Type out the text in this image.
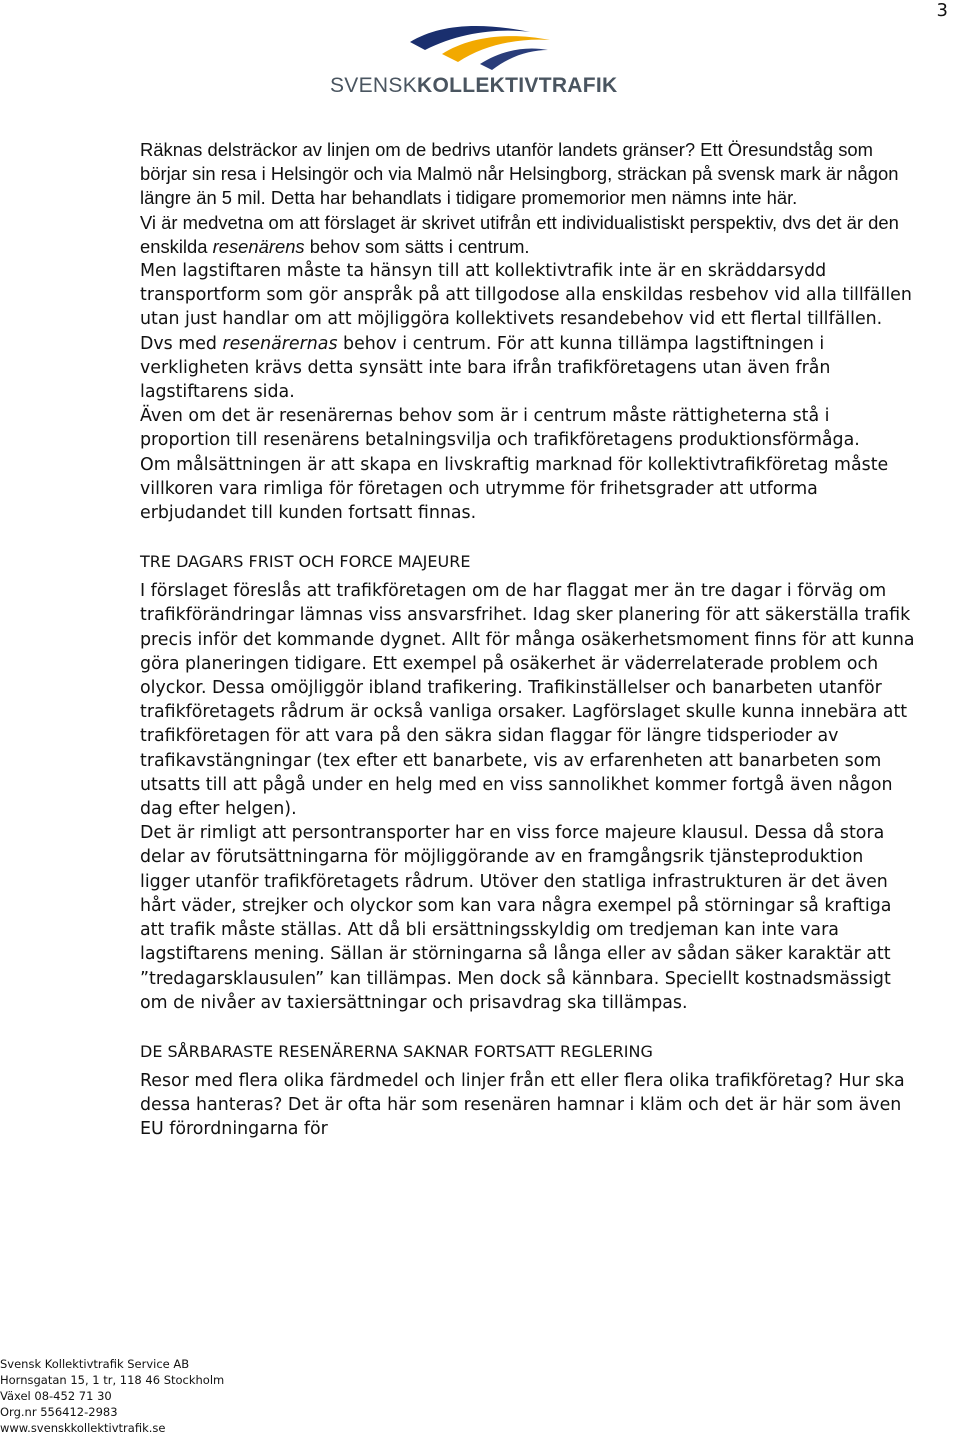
3
SVENSKKOLLEKTIVTRAFIK

Räknas delsträckor av linjen om de bedrivs utanför landets gränser? Ett Öresundståg som börjar sin resa i Helsingör och via Malmö når Helsingborg, sträckan på svensk mark är någon längre än 5 mil. Detta har behandlats i tidigare promemorior men nämns inte här.

Vi är medvetna om att förslaget är skrivet utifrån ett individualistiskt perspektiv, dvs det är den enskilda resenärens behov som sätts i centrum.

Men lagstiftaren måste ta hänsyn till att kollektivtrafik inte är en skräddarsydd transportform som gör anspråk på att tillgodose alla enskildas resbehov vid alla tillfällen utan just handlar om att möjliggöra kollektivets resandebehov vid ett flertal tillfällen. Dvs med resenärernas behov i centrum. För att kunna tillämpa lagstiftningen i verkligheten krävs detta synsätt inte bara ifrån trafikföretagens utan även från lagstiftarens sida.

Även om det är resenärernas behov som är i centrum måste rättigheterna stå i proportion till resenärens betalningsvilja och trafikföretagens produktionsförmåga.

Om målsättningen är att skapa en livskraftig marknad för kollektivtrafikföretag måste villkoren vara rimliga för företagen och utrymme för frihetsgrader att utforma erbjudandet till kunden fortsatt finnas.

TRE DAGARS FRIST OCH FORCE MAJEURE

I förslaget föreslås att trafikföretagen om de har flaggat mer än tre dagar i förväg om trafikförändringar lämnas viss ansvarsfrihet. Idag sker planering för att säkerställa trafik precis inför det kommande dygnet. Allt för många osäkerhetsmoment finns för att kunna göra planeringen tidigare. Ett exempel på osäkerhet är väderrelaterade problem och olyckor. Dessa omöjliggör ibland trafikering. Trafikinställelser och banarbeten utanför trafikföretagets rådrum är också vanliga orsaker. Lagförslaget skulle kunna innebära att trafikföretagen för att vara på den säkra sidan flaggar för längre tidsperioder av trafikavstängningar (tex efter ett banarbete, vis av erfarenheten att banarbeten som utsatts till att pågå under en helg med en viss sannolikhet kommer fortgå även någon dag efter helgen).

Det är rimligt att persontransporter har en viss force majeure klausul. Dessa då stora delar av förutsättningarna för möjliggörande av en framgångsrik tjänsteproduktion ligger utanför trafikföretagets rådrum. Utöver den statliga infrastrukturen är det även hårt väder, strejker och olyckor som kan vara några exempel på störningar så kraftiga att trafik måste ställas. Att då bli ersättningsskyldig om tredjeman kan inte vara lagstiftarens mening. Sällan är störningarna så långa eller av sådan säker karaktär att ”tredagarsklausulen” kan tillämpas. Men dock så kännbara. Speciellt kostnadsmässigt om de nivåer av taxiersättningar och prisavdrag ska tillämpas.

DE SÅRBARASTE RESENÄRERNA SAKNAR FORTSATT REGLERING

Resor med flera olika färdmedel och linjer från ett eller flera olika trafikföretag? Hur ska dessa hanteras? Det är ofta här som resenären hamnar i kläm och det är här som även EU förordningarna för

Svensk Kollektivtrafik Service AB
Hornsgatan 15, 1 tr, 118 46 Stockholm
Växel 08-452 71 30
Org.nr 556412-2983
www.svenskkollektivtrafik.se
